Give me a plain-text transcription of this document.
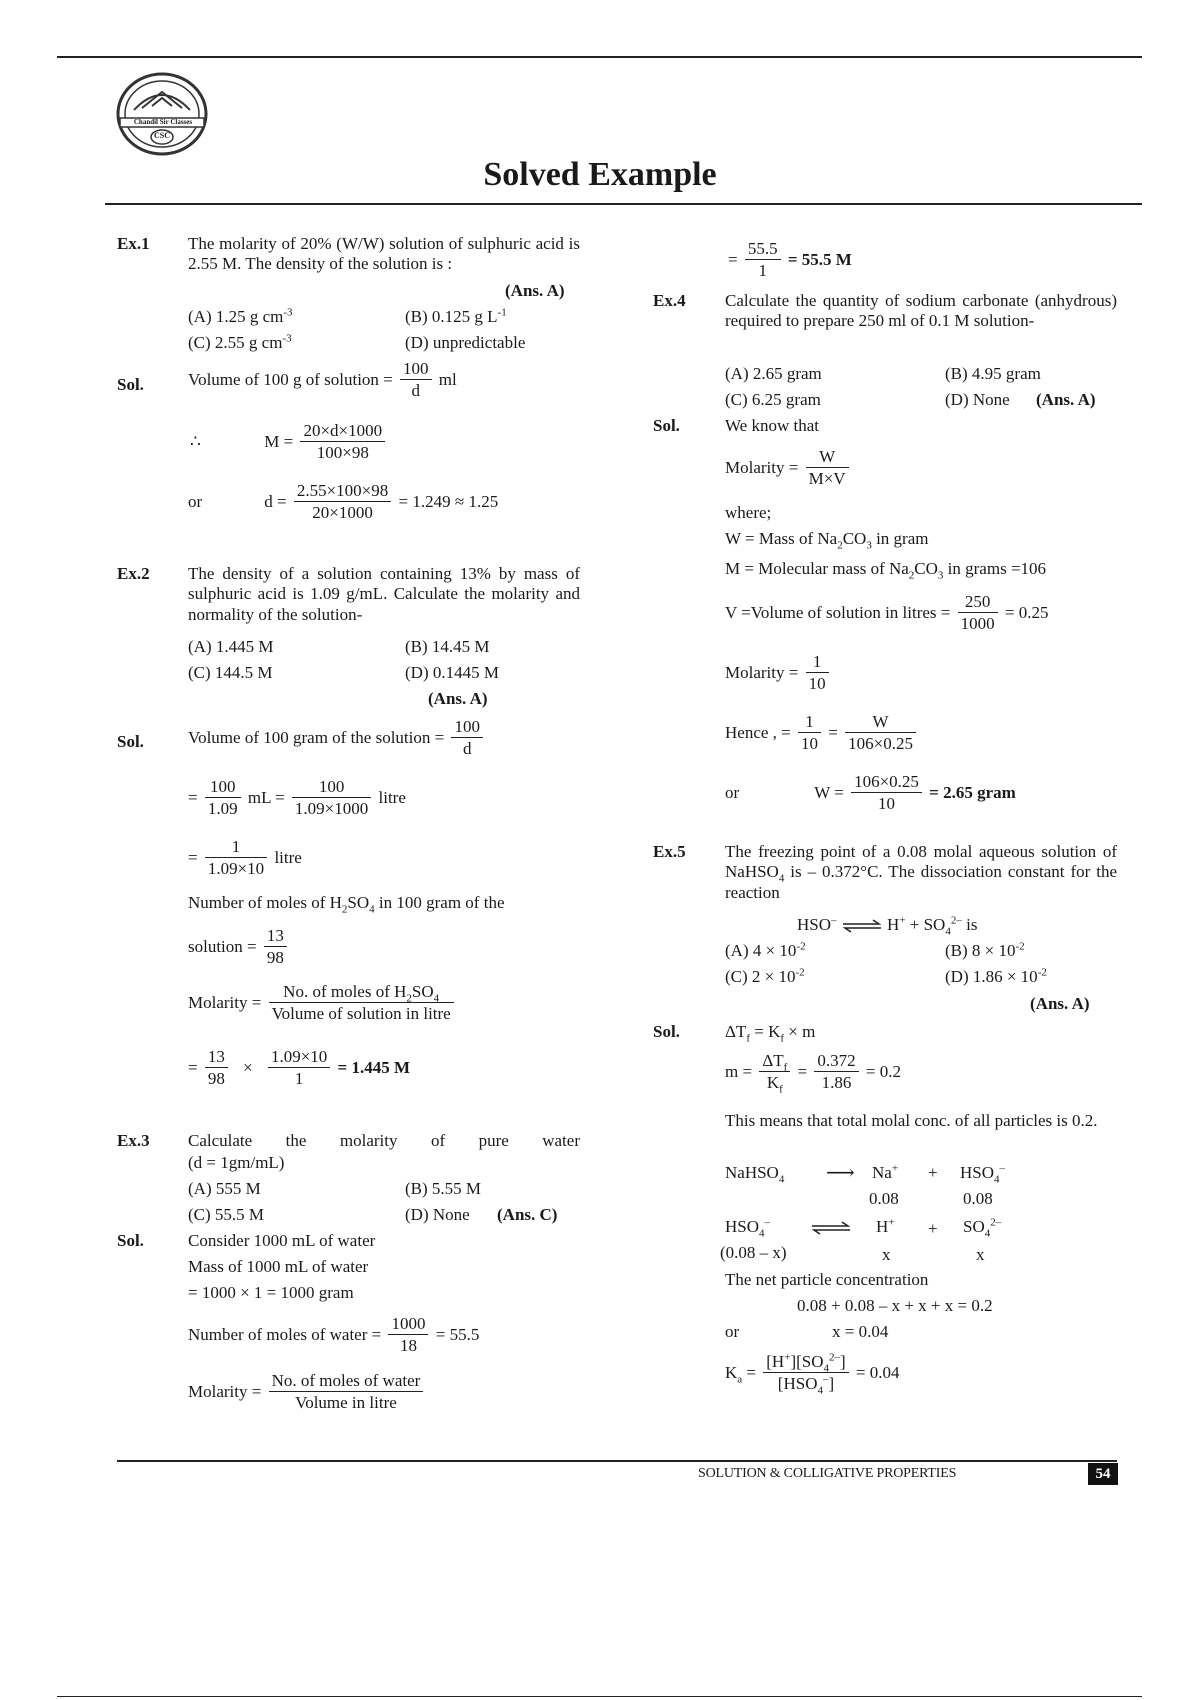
Chandil Sir Classes
CSC
Solved Example
Ex.1 The molarity of 20% (W/W) solution of sulphuric acid is 2.55 M. The density of the solution is :
(Ans. A)
(A) 1.25 g $cm^{-3}$	(B) 0.125 g $L^{-1}$
(C) 2.55 g $cm^{-3}$	(D) unpredictable
Sol.	Volume of 100 g of solution = $\frac{100}{d}$ ml
∴	$M = \frac{20\times d\times 1000}{100\times 98}$
or	$d = \frac{2.55\times 100\times 98}{20\times 1000} = 1.249 \approx 1.25$
Ex.2 The density of a solution containing 13% by mass of sulphuric acid is 1.09 g/mL. Calculate the molarity and normality of the solution-
(A) 1.445 M	(B) 14.45 M
(C) 144.5 M	(D) 0.1445 M
(Ans. A)
Sol.	Volume of 100 gram of the solution = $\frac{100}{d}$
= $\frac{100}{1.09}$ mL = $\frac{100}{1.09\times 1000}$ litre
= $\frac{1}{1.09\times 10}$ litre
Number of moles of $H_2SO_4$ in 100 gram of the
solution = $\frac{13}{98}$
Molarity = $\frac{No. of moles of H_2SO_4}{\text{Volume of solution in litre}}$
= $\frac{13}{98} \times \frac{1.09\times 10}{1} = 1.445$ M
Ex.3 Calculate the molarity of pure water
(d = 1gm/mL)
(A) 555 M	(B) 5.55 M
(C) 55.5 M	(D) None (Ans. C)
Sol.	Consider 1000 mL of water
Mass of 1000 mL of water
= 1000 × 1 = 1000 gram
Number of moles of water = $\frac{1000}{18} = 55.5$
Molarity = $\frac{\text{No. of moles of water}}{\text{Volume in litre}}$
= $\frac{55.5}{1} = 55.5$ M
Ex.4 Calculate the quantity of sodium carbonate (anhydrous) required to prepare 250 ml of 0.1 M solution-
(A) 2.65 gram	(B) 4.95 gram
(C) 6.25 gram	(D) None (Ans. A)
Sol.	We know that
Molarity = $\frac{W}{M\times V}$
where;
W = Mass of $Na_2CO_3$ in gram
M = Molecular mass of $Na_2CO_3$ in grams =106
V =Volume of solution in litres = $\frac{250}{1000} = 0.25$
Molarity = $\frac{1}{10}$
Hence , = $\frac{1}{10} = \frac{W}{106\times 0.25}$
or	$W = \frac{106\times 0.25}{10} = 2.65$ gram
Ex.5 The freezing point of a 0.08 molal aqueous solution of NaHSO$_4$ is – 0.372°C. The dissociation constant for the reaction
HSO– ⇌ $H^+ + SO_4^{2-}$ is
(A) $4 \times 10^{-2}$	(B) $8 \times 10^{-2}$
(C) $2 \times 10^{-2}$	(D) $1.86 \times 10^{-2}$
(Ans. A)
Sol.	$\Delta T_f = K_f \times m$
$m = \frac{\Delta T_f}{K_f} = \frac{0.372}{1.86} = 0.2$
This means that total molal conc. of all particles is 0.2.
NaHSO$_4$ ⟶ $Na^+ + HSO_4^-$
0.08	0.08
$HSO_4^-$ ⇌ $H^+ + SO_4^{2-}$
(0.08 – x)	x	x
The net particle concentration
0.08 + 0.08 – x + x + x = 0.2
or	x = 0.04
$K_a = \frac{[H^+][SO_4^{2-}]}{[HSO_4^-]} = 0.04$
SOLUTION & COLLIGATIVE PROPERTIES	54
